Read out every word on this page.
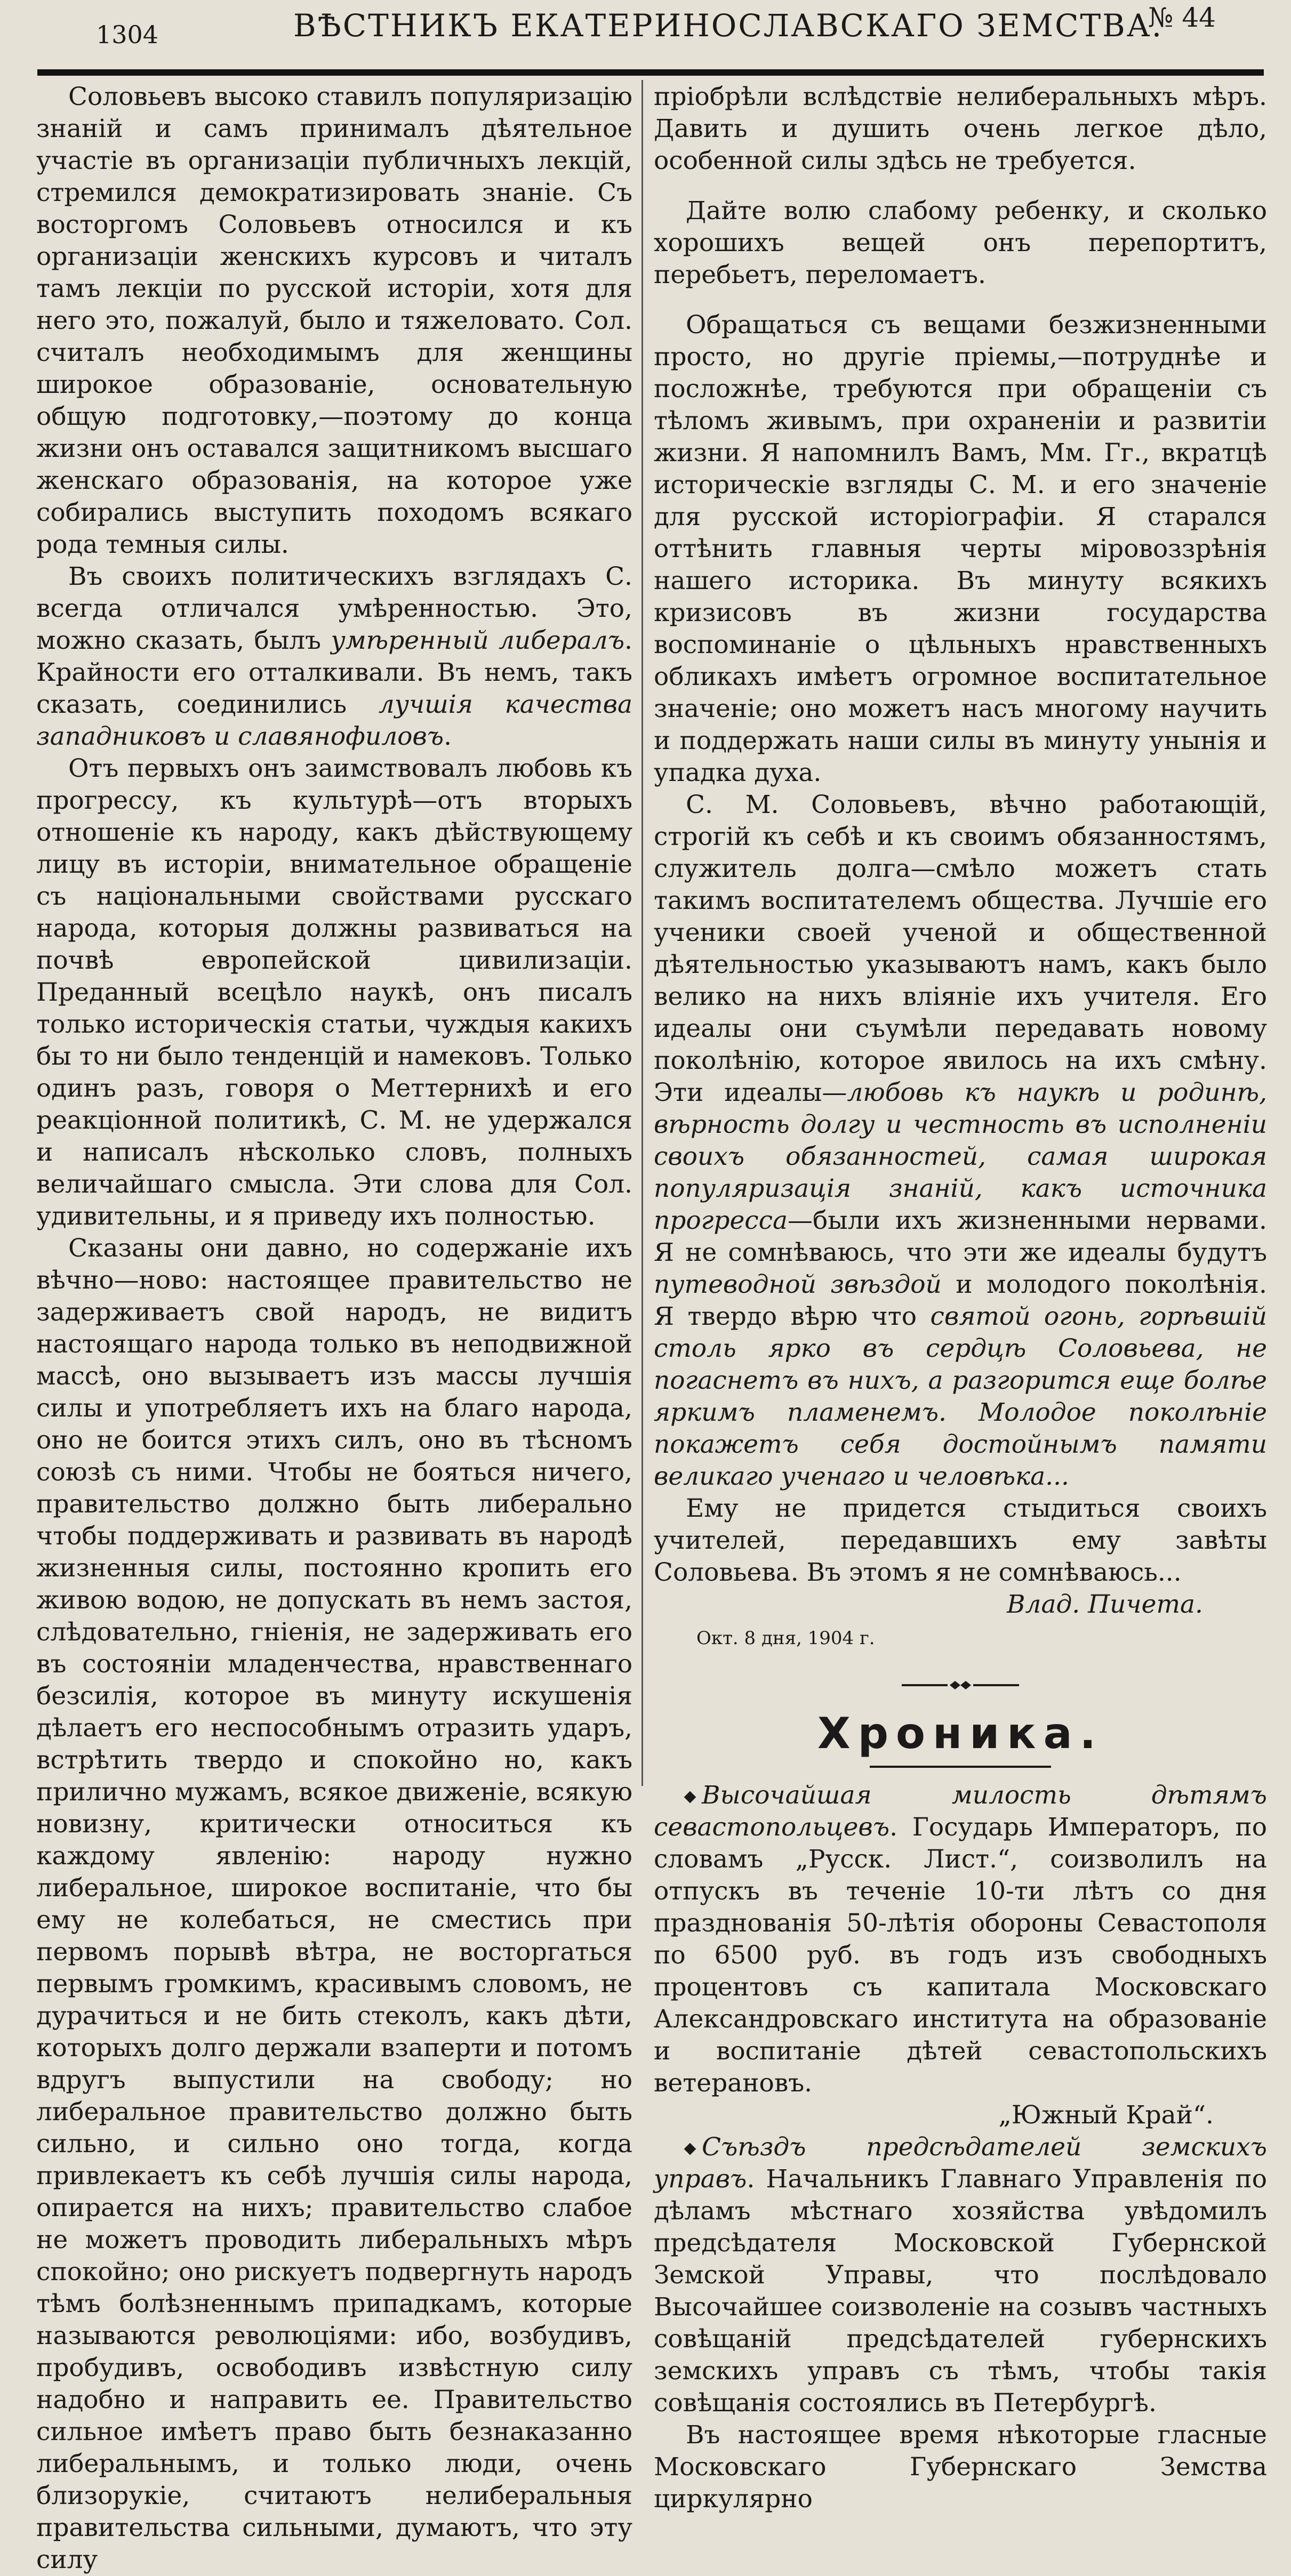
1304	ВѢСТНИКЪ ЕКАТЕРИНОСЛАВСКАГО ЗЕМСТВА.
№ 44

Соловьевъ высоко ставилъ популяризацію знаній и самъ принималъ дѣятельное участіе въ организаціи публичныхъ лекцій, стремился демократизировать знаніе. Съ восторгомъ Соловьевъ относился и къ организаціи женскихъ курсовъ и читалъ тамъ лекціи по русской исторіи, хотя для него это, пожалуй, было и тяжеловато. Сол. считалъ необходимымъ для женщины широкое образованіе, основательную общую подготовку,—поэтому до конца жизни онъ оставался защитникомъ высшаго женскаго образованія, на которое уже собирались выступить походомъ всякаго рода темныя силы.

Въ своихъ политическихъ взглядахъ С. всегда отличался умѣренностью. Это, можно сказать, былъ умѣренный либералъ. Крайности его отталкивали. Въ немъ, такъ сказать, соединились лучшія качества западниковъ и славянофиловъ.

Отъ первыхъ онъ заимствовалъ любовь къ прогрессу, къ культурѣ—отъ вторыхъ отношеніе къ народу, какъ дѣйствующему лицу въ исторіи, внимательное обращеніе съ національными свойствами русскаго народа, которыя должны развиваться на почвѣ европейской цивилизаціи. Преданный всецѣло наукѣ, онъ писалъ только историческія статьи, чуждыя какихъ бы то ни было тенденцій и намековъ. Только одинъ разъ, говоря о Меттернихѣ и его реакціонной политикѣ, С. М. не удержался и написалъ нѣсколько словъ, полныхъ величайшаго смысла. Эти слова для Сол. удивительны, и я приведу ихъ полностью.

Сказаны они давно, но содержаніе ихъ вѣчно—ново: настоящее правительство не задерживаетъ свой народъ, не видитъ настоящаго народа только въ неподвижной массѣ, оно вызываетъ изъ массы лучшія силы и употребляетъ ихъ на благо народа, оно не боится этихъ силъ, оно въ тѣсномъ союзѣ съ ними. Чтобы не бояться ничего, правительство должно быть либерально чтобы поддерживать и развивать въ народѣ жизненныя силы, постоянно кропить его живою водою, не допускать въ немъ застоя, слѣдовательно, гніенія, не задерживать его въ состояніи младенчества, нравственнаго безсилія, которое въ минуту искушенія дѣлаетъ его неспособнымъ отразить ударъ, встрѣтить твердо и спокойно но, какъ прилично мужамъ, всякое движеніе, всякую новизну, критически относиться къ каждому явленію: народу нужно либеральное, широкое воспитаніе, что бы ему не колебаться, не сместись при первомъ порывѣ вѣтра, не восторгаться первымъ громкимъ, красивымъ словомъ, не дурачиться и не бить стеколъ, какъ дѣти, которыхъ долго держали взаперти и потомъ вдругъ выпустили на свободу; но либеральное правительство должно быть сильно, и сильно оно тогда, когда привлекаетъ къ себѣ лучшія силы народа, опирается на нихъ; правительство слабое не можетъ проводить либеральныхъ мѣръ спокойно; оно рискуетъ подвергнуть народъ тѣмъ болѣзненнымъ припадкамъ, которые называются революціями: ибо, возбудивъ, пробудивъ, освободивъ извѣстную силу надобно и направить ее. Правительство сильное имѣетъ право быть безнаказанно либеральнымъ, и только люди, очень близорукіе, считаютъ нелиберальныя правительства сильными, думаютъ, что эту силу

пріобрѣли вслѣдствіе нелиберальныхъ мѣръ. Давить и душить очень легкое дѣло, особенной силы здѣсь не требуется.

Дайте волю слабому ребенку, и сколько хорошихъ вещей онъ перепортитъ, перебьетъ, переломаетъ.

Обращаться съ вещами безжизненными просто, но другіе пріемы,—потруднѣе и посложнѣе, требуются при обращеніи съ тѣломъ живымъ, при охраненіи и развитіи жизни. Я напомнилъ Вамъ, Мм. Гг., вкратцѣ историческіе взгляды С. М. и его значеніе для русской исторіографіи. Я старался оттѣнить главныя черты міровоззрѣнія нашего историка. Въ минуту всякихъ кризисовъ въ жизни государства воспоминаніе о цѣльныхъ нравственныхъ обликахъ имѣетъ огромное воспитательное значеніе; оно можетъ насъ многому научить и поддержать наши силы въ минуту унынія и упадка духа.

С. М. Соловьевъ, вѣчно работающій, строгій къ себѣ и къ своимъ обязанностямъ, служитель долга—смѣло можетъ стать такимъ воспитателемъ общества. Лучшіе его ученики своей ученой и общественной дѣятельностью указываютъ намъ, какъ было велико на нихъ вліяніе ихъ учителя. Его идеалы они съумѣли передавать новому поколѣнію, которое явилось на ихъ смѣну. Эти идеалы—любовь къ наукѣ и родинѣ, вѣрность долгу и честность въ исполненіи своихъ обязанностей, самая широкая популяризація знаній, какъ источника прогресса—были ихъ жизненными нервами. Я не сомнѣваюсь, что эти же идеалы будутъ путеводной звѣздой и молодого поколѣнія. Я твердо вѣрю что святой огонь, горѣвшій столь ярко въ сердцѣ Соловьева, не погаснетъ въ нихъ, а разгорится еще болѣе яркимъ пламенемъ. Молодое поколѣніе покажетъ себя достойнымъ памяти великаго ученаго и человѣка...

Ему не придется стыдиться своихъ учителей, передавшихъ ему завѣты Соловьева. Въ этомъ я не сомнѣваюсь...

Влад. Пичета.
Окт. 8 дня, 1904 г.
Хроника.

Высочайшая милость дѣтямъ севастопольцевъ. Государь Императоръ, по словамъ „Русск. Лист.“, соизволилъ на отпускъ въ теченіе 10-ти лѣтъ со дня празднованія 50-лѣтія обороны Севастополя по 6500 руб. въ годъ изъ свободныхъ процентовъ съ капитала Московскаго Александровскаго института на образованіе и воспитаніе дѣтей севастопольскихъ ветерановъ.

„Южный Край“.

Съѣздъ предсѣдателей земскихъ управъ. Начальникъ Главнаго Управленія по дѣламъ мѣстнаго хозяйства увѣдомилъ предсѣдателя Московской Губернской Земской Управы, что послѣдовало Высочайшее соизволеніе на созывъ частныхъ совѣщаній предсѣдателей губернскихъ земскихъ управъ съ тѣмъ, чтобы такія совѣщанія состоялись въ Петербургѣ.

Въ настоящее время нѣкоторые гласные Московскаго Губернскаго Земства циркулярно
